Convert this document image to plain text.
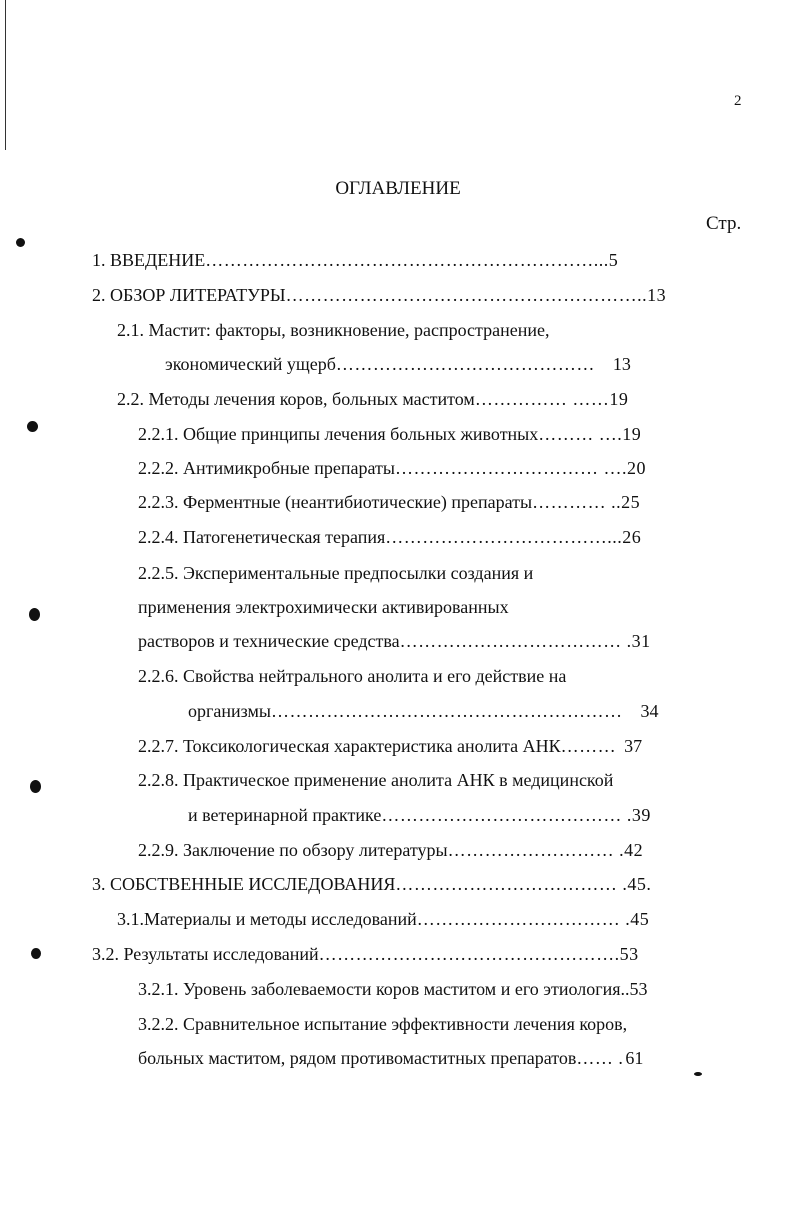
2
ОГЛАВЛЕНИЕ
Стр.
1. ВВЕДЕНИЕ………………………………………………………...5
2. ОБЗОР ЛИТЕРАТУРЫ…………………………………………………..13
2.1. Мастит: факторы, возникновение, распространение,
экономический ущерб…………………………………… 13
2.2. Методы лечения коров, больных маститом…………… ……19
2.2.1. Общие принципы лечения больных животных……… ….19
2.2.2. Антимикробные препараты…………………………… ….20
2.2.3. Ферментные (неантибиотические) препараты………… ..25
2.2.4. Патогенетическая терапия………………………………...26
2.2.5. Экспериментальные предпосылки создания и
применения электрохимически активированных
растворов и технические средства……………………………… .31
2.2.6. Свойства нейтрального анолита и его действие на
организмы………………………………………………… 34
2.2.7. Токсикологическая характеристика анолита АНК……… 37
2.2.8. Практическое применение анолита АНК в медицинской
и ветеринарной практике………………………………… .39
2.2.9. Заключение по обзору литературы……………………… .42
3. СОБСТВЕННЫЕ ИССЛЕДОВАНИЯ……………………………… .45.
3.1.Материалы и методы исследований…………………………… .45
3.2. Результаты исследований………………………………………….53
3.2.1. Уровень заболеваемости коров маститом и его этиология..53
3.2.2. Сравнительное испытание эффективности лечения коров,
больных маститом, рядом противомаститных препаратов…… . 61
